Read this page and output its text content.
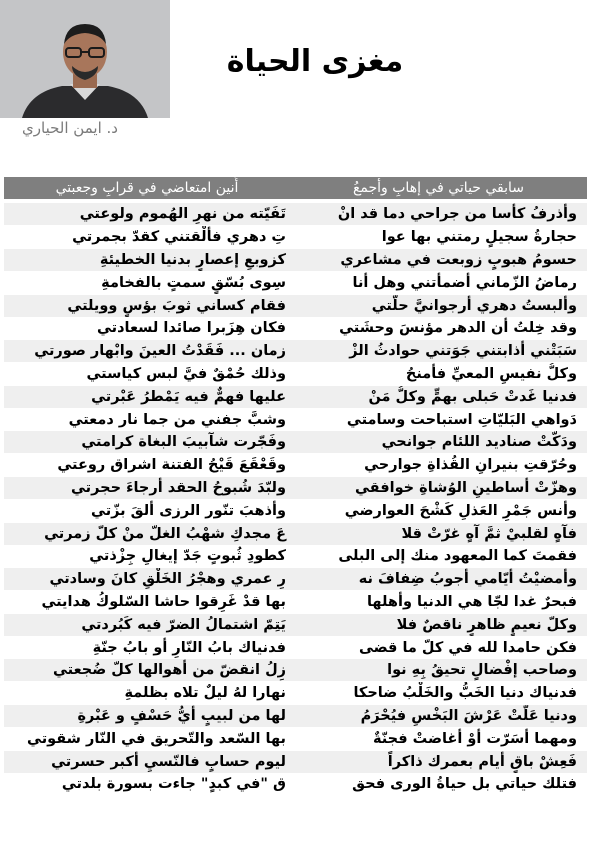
د. ايمن الحياري
مغزى الحياة
سابقي حياتي في إهابِ وأجمعُ
أُنين امتعاضي في قرابِ وجعبتي
وأذرفُ كأسا من جراحي دما قد انْ
تَفَيّته من نهرِ الهُموم ولوعتي
حجارةُ سجيلٍ رمتني بها عوا
تِ دهري فألْقتني كقدّ بجمرتي
حسومُ هبوبٍ زوبعت في مشاعري
كزوبعِ إعصارٍ بدنيا الخطيئةِ
رماضُ الزّماني أضمأتني وهل أنا
سِوى بُسّقٍ سمتٍ بالفخامةِ
وألبستُ دهري أرجوانيَّ حلّتي
فقام كساني ثوبَ بؤسٍ وويلتي
وقد خِلتُ أن الدهر مؤنسَ وحشَتي
فكان هِزَبرا صائدا لسعادتي
سَبَتْني أذابتني جَوَتني حوادثُ الزْ
زمان ... فَقَدْتُ العينَ وابْهار صورتي
وكلُّ نفيسِ المعيِّ فأمنحُ
وذلك حُمْقٌ فيَّ لبس كياستي
فدنيا غَدتْ حَبلى بهمٍّ وكلُّ مَنْ
عليها فهمٌّ فيه يَمْطرُ عَبْرتي
دَواهي البَليّاتِ استباحت وسامتي
وشبَّ جفني من جما نار دمعتي
ودَكّتْ صناديد اللئام جوانحي
وفَجّرت شآبيبَ البغاة كرامتي
وحُرّقتِ بنيرانِ القُذاةِ جوارحي
وقَعْقَعَ قَيْحُ الفتنة اشراق روعتي
وهزّتْ أساطينِ الوُشاةِ خوافقي
ولبّدَ شُبوحُ الحقد أرجاءَ حجرتي
وأنس جَمْرِ العَذلِ كَشْحَ العوارضي
وأذهبَ تنّور الرزى ألقَ بزّتي
فآهٍ لقلبيْ ثمَّ آهٍ غرّتْ قلا
عَ مجدكِ شهْبُ الغلّ منْ كلّ زمرتي
فقمتَ كما المعهود منك إلى البلى
كطودِ ثُبوتٍ جَدّ إيغالِ جِزْذتي
وأمضيْتُ أيّامي أجوبُ ضِفافَ نه
رِ عمري وهجْرُ الخَلْقِ كانَ وسادتي
فبحرٌ غدا لجّا هي الدنيا وأهلها
بها قدْ غَرِقوا حاشا السّلوكُ هدايتي
وكلّ نعيمٍ ظاهرٍ ناقصٌ فلا
يَتِمّ اشتمالُ الضرّ فيه كَبُردتي
فكن حامدا لله في كلّ ما قضى
فدنياك بابُ النّارِ أو بابُ جنّةِ
وصاحب إفْضالٍ تحيقُ بِهِ نوا
زِلُ انقضّ من أهوالها كلّ ضُجعتي
فدنياك دنيا الخَبُّ والخَلْبُ ضاحكا
نهارا لهُ ليلٌ تلاه بظلمةِ
ودنيا عَلّتْ عَرْشَ البَخْسِ فيُحْرَمُ
لها من لبيبٍ أيُّ حَسْفٍ و عَبْرةِ
ومهما أسَرّت أوْ أغاضتْ فجنّةٌ
بها السّعد والتّحريق في النّار شقوتي
فَعِشْ باقٍ أيام بعمرك ذاكراً
ليوم حسابٍ فالنّسيِ أكبر حسرتي
فتلك حياتي بل حياةُ الورى فحق
ق "في كبدٍ" جاءت بسورة بلدتي
